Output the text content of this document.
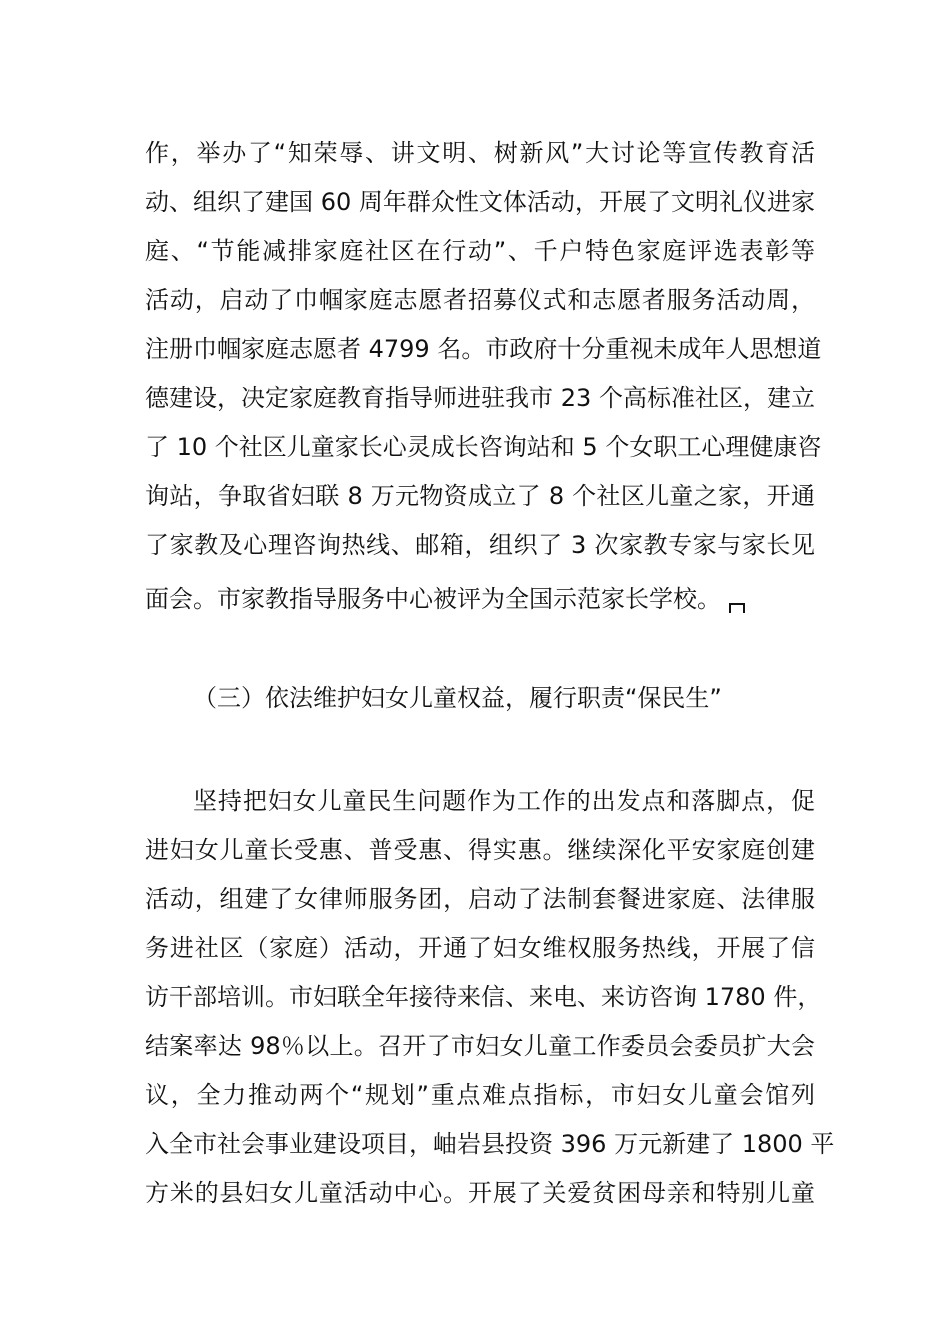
作，举办了“知荣辱、讲文明、树新风”大讨论等宣传教育活
动、组织了建国 60 周年群众性文体活动，开展了文明礼仪进家
庭、“节能减排家庭社区在行动”、千户特色家庭评选表彰等
活动，启动了巾帼家庭志愿者招募仪式和志愿者服务活动周，
注册巾帼家庭志愿者 4799 名。市政府十分重视未成年人思想道
德建设，决定家庭教育指导师进驻我市 23 个高标准社区，建立
了 10 个社区儿童家长心灵成长咨询站和 5 个女职工心理健康咨
询站，争取省妇联 8 万元物资成立了 8 个社区儿童之家，开通
了家教及心理咨询热线、邮箱，组织了 3 次家教专家与家长见
面会。市家教指导服务中心被评为全国示范家长学校。
（三）依法维护妇女儿童权益，履行职责“保民生”
坚持把妇女儿童民生问题作为工作的出发点和落脚点，促
进妇女儿童长受惠、普受惠、得实惠。继续深化平安家庭创建
活动，组建了女律师服务团，启动了法制套餐进家庭、法律服
务进社区（家庭）活动，开通了妇女维权服务热线，开展了信
访干部培训。市妇联全年接待来信、来电、来访咨询 1780 件，
结案率达 98％以上。召开了市妇女儿童工作委员会委员扩大会
议，全力推动两个“规划”重点难点指标，市妇女儿童会馆列
入全市社会事业建设项目，岫岩县投资 396 万元新建了 1800 平
方米的县妇女儿童活动中心。开展了关爱贫困母亲和特别儿童
